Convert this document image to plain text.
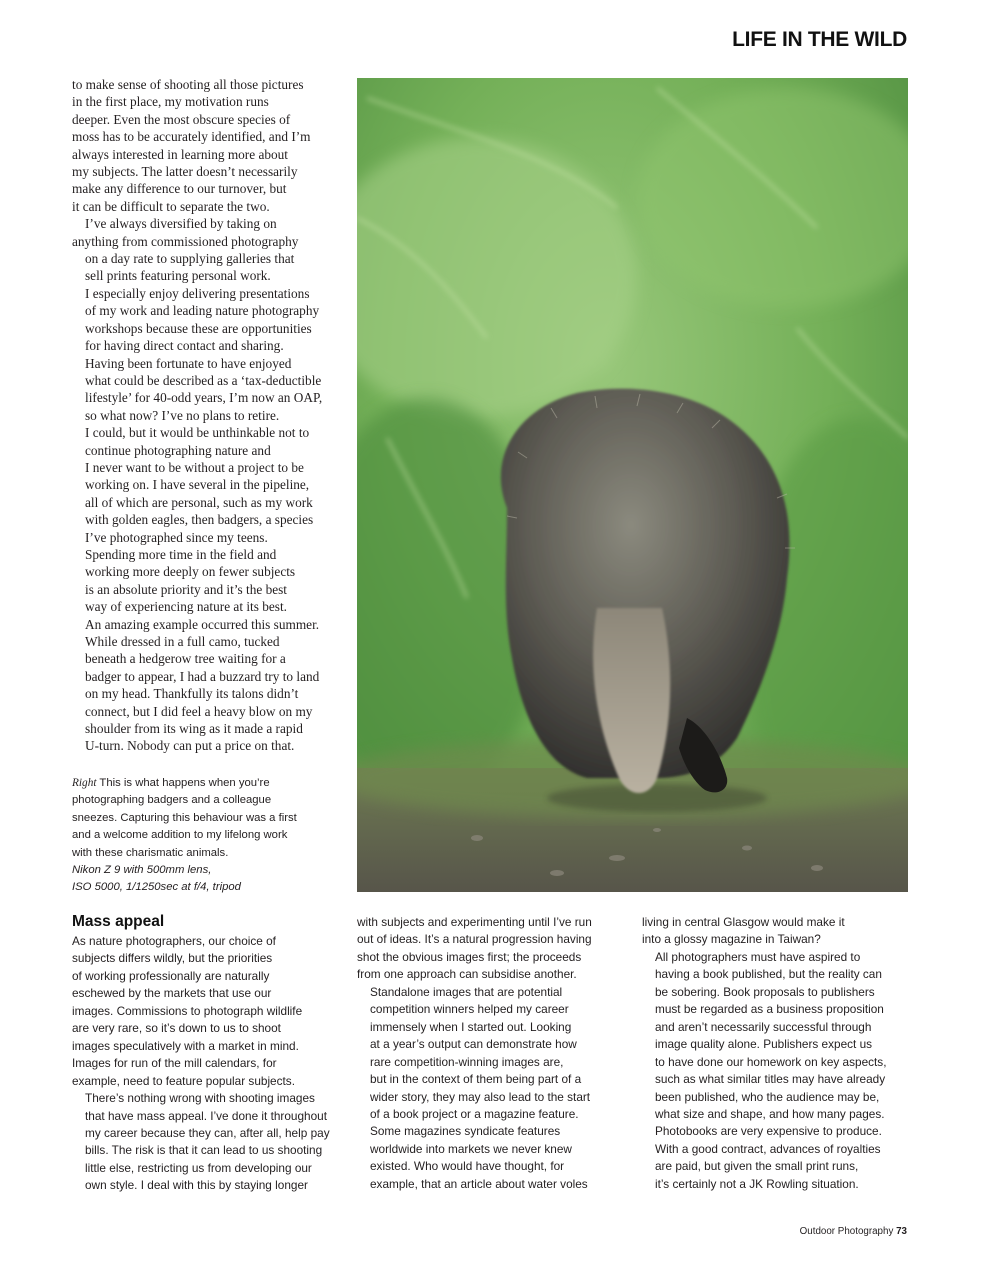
LIFE IN THE WILD

to make sense of shooting all those pictures
in the first place, my motivation runs
deeper. Even the most obscure species of
moss has to be accurately identified, and I’m
always interested in learning more about
my subjects. The latter doesn’t necessarily
make any difference to our turnover, but
it can be difficult to separate the two.

I’ve always diversified by taking on
anything from commissioned photography
on a day rate to supplying galleries that
sell prints featuring personal work.

I especially enjoy delivering presentations
of my work and leading nature photography
workshops because these are opportunities
for having direct contact and sharing.

Having been fortunate to have enjoyed
what could be described as a ‘tax-deductible
lifestyle’ for 40-odd years, I’m now an OAP,
so what now? I’ve no plans to retire.
I could, but it would be unthinkable not to
continue photographing nature and
I never want to be without a project to be
working on. I have several in the pipeline,
all of which are personal, such as my work
with golden eagles, then badgers, a species
I’ve photographed since my teens.

Spending more time in the field and
working more deeply on fewer subjects
is an absolute priority and it’s the best
way of experiencing nature at its best.
An amazing example occurred this summer.
While dressed in a full camo, tucked
beneath a hedgerow tree waiting for a
badger to appear, I had a buzzard try to land
on my head. Thankfully its talons didn’t
connect, but I did feel a heavy blow on my
shoulder from its wing as it made a rapid
U-turn. Nobody can put a price on that.

Right This is what happens when you’re
photographing badgers and a colleague
sneezes. Capturing this behaviour was a first
and a welcome addition to my lifelong work
with these charismatic animals.
Nikon Z 9 with 500mm lens,
ISO 5000, 1/1250sec at f/4, tripod
Mass appeal

As nature photographers, our choice of
subjects differs wildly, but the priorities
of working professionally are naturally
eschewed by the markets that use our
images. Commissions to photograph wildlife
are very rare, so it’s down to us to shoot
images speculatively with a market in mind.
Images for run of the mill calendars, for
example, need to feature popular subjects.

There’s nothing wrong with shooting images
that have mass appeal. I’ve done it throughout
my career because they can, after all, help pay
bills. The risk is that it can lead to us shooting
little else, restricting us from developing our
own style. I deal with this by staying longer

with subjects and experimenting until I’ve run
out of ideas. It’s a natural progression having
shot the obvious images first; the proceeds
from one approach can subsidise another.

Standalone images that are potential
competition winners helped my career
immensely when I started out. Looking
at a year’s output can demonstrate how
rare competition-winning images are,
but in the context of them being part of a
wider story, they may also lead to the start
of a book project or a magazine feature.
Some magazines syndicate features
worldwide into markets we never knew
existed. Who would have thought, for
example, that an article about water voles

living in central Glasgow would make it
into a glossy magazine in Taiwan?

All photographers must have aspired to
having a book published, but the reality can
be sobering. Book proposals to publishers
must be regarded as a business proposition
and aren’t necessarily successful through
image quality alone. Publishers expect us
to have done our homework on key aspects,
such as what similar titles may have already
been published, who the audience may be,
what size and shape, and how many pages.
Photobooks are very expensive to produce.
With a good contract, advances of royalties
are paid, but given the small print runs,
it’s certainly not a JK Rowling situation.

Outdoor Photography 73
